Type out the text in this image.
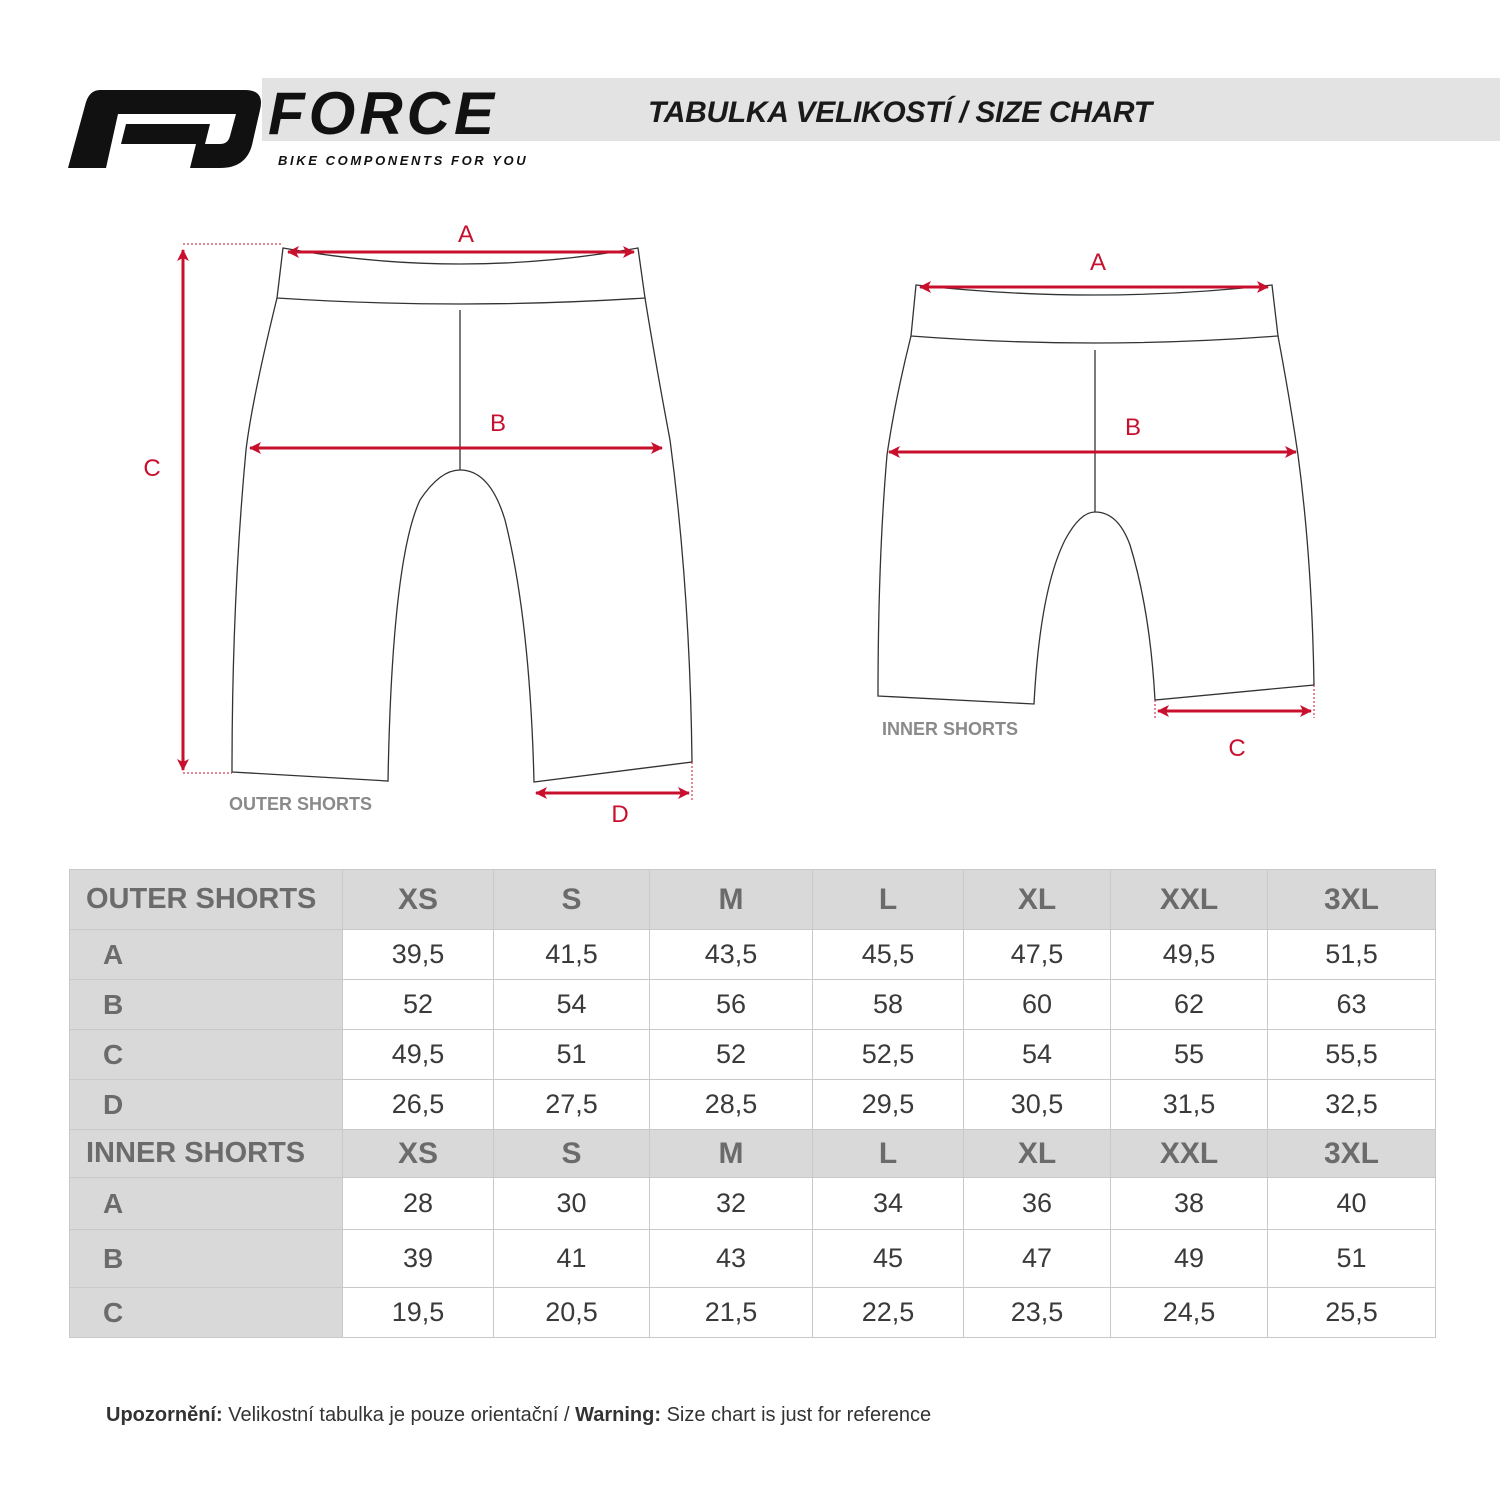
FORCE
BIKE COMPONENTS FOR YOU
TABULKA VELIKOSTÍ / SIZE CHART
A
B
C
D
A
B
C
OUTER SHORTS
INNER SHORTS
OUTER SHORTS	XS	S	M	L	XL	XXL	3XL
A	39,5	41,5	43,5	45,5	47,5	49,5	51,5
B	52	54	56	58	60	62	63
C	49,5	51	52	52,5	54	55	55,5
D	26,5	27,5	28,5	29,5	30,5	31,5	32,5
INNER SHORTS	XS	S	M	L	XL	XXL	3XL
A	28	30	32	34	36	38	40
B	39	41	43	45	47	49	51
C	19,5	20,5	21,5	22,5	23,5	24,5	25,5

Upozornění: Velikostní tabulka je pouze orientační / Warning: Size chart is just for reference
